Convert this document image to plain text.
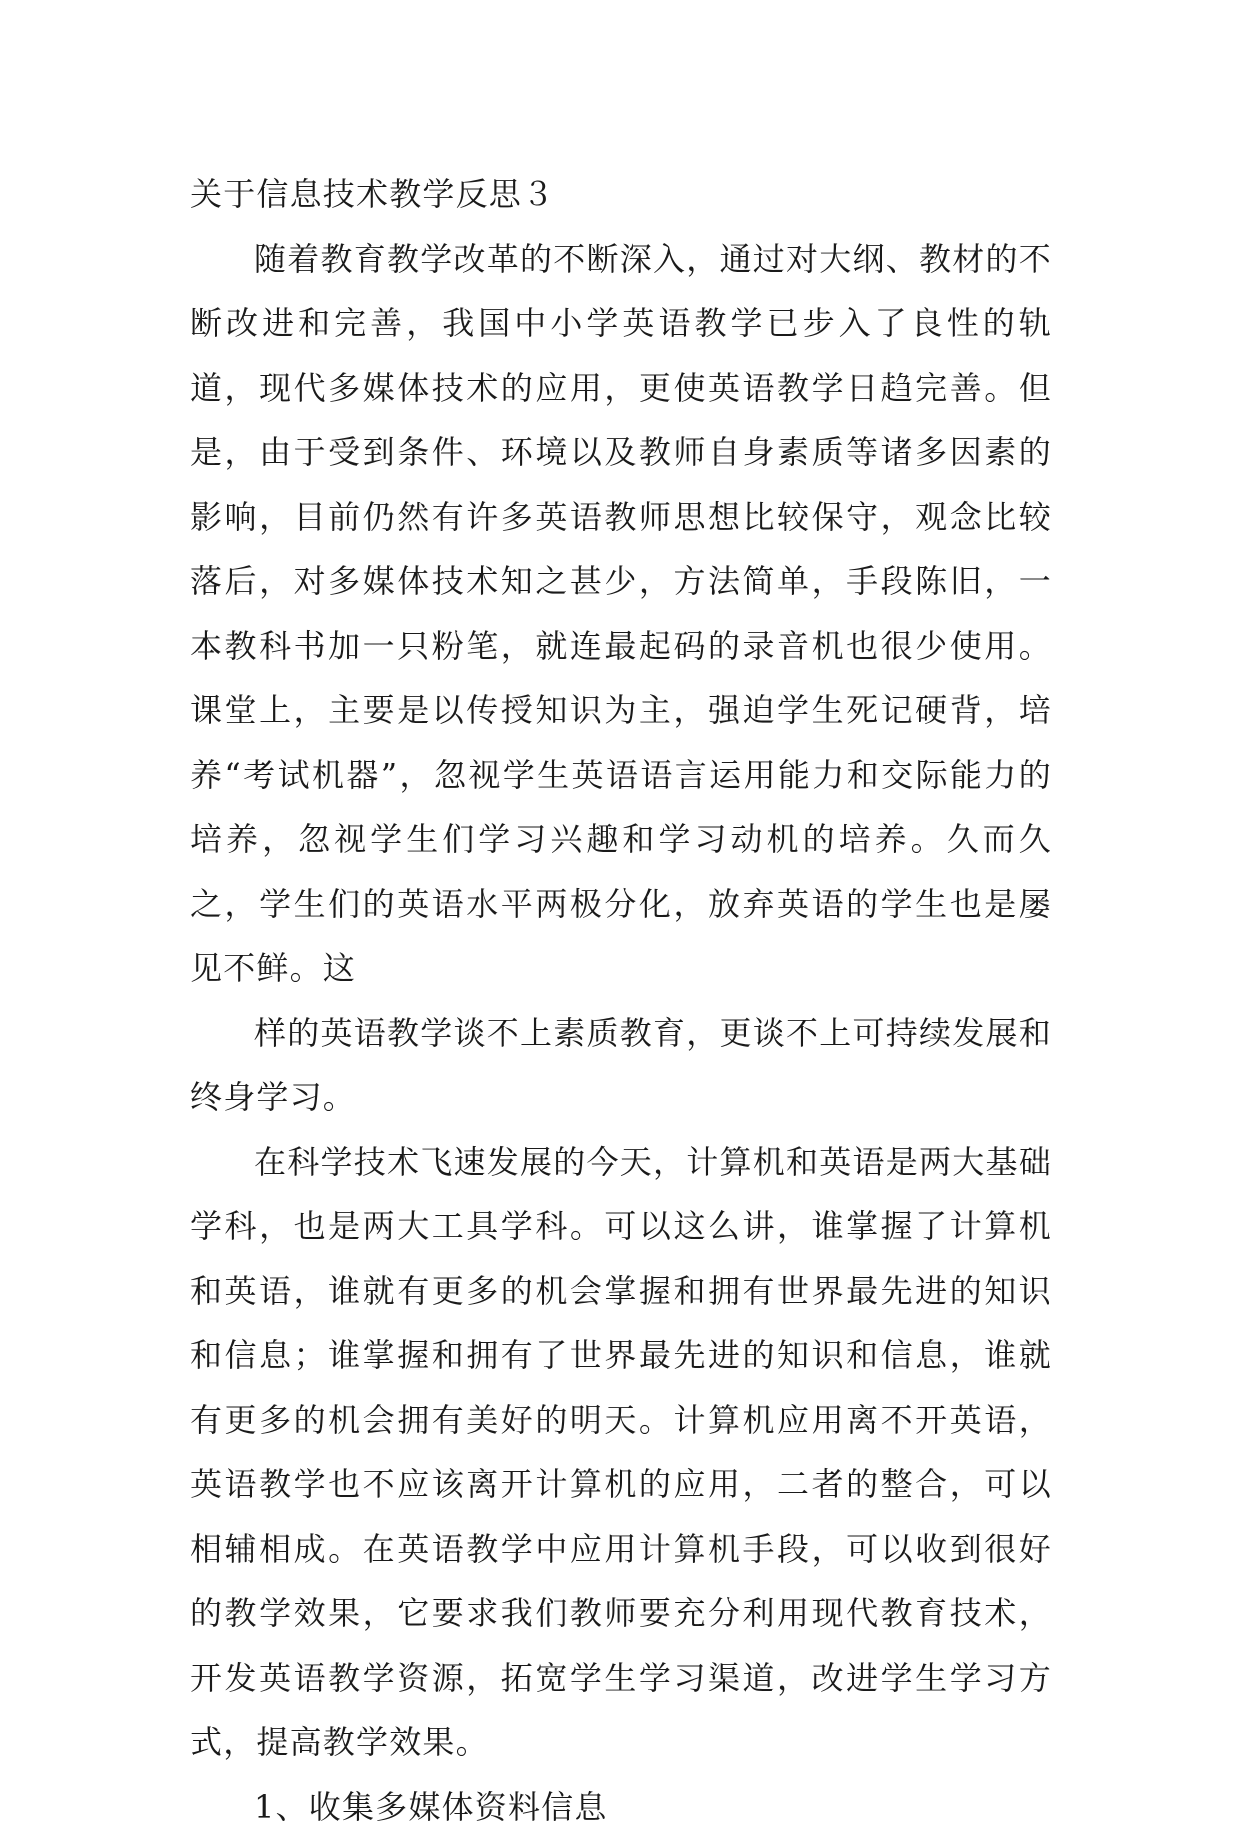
关于信息技术教学反思３

随着教育教学改革的不断深入，通过对大纲、教材的不断改进和完善，我国中小学英语教学已步入了良性的轨道，现代多媒体技术的应用，更使英语教学日趋完善。但是，由于受到条件、环境以及教师自身素质等诸多因素的影响，目前仍然有许多英语教师思想比较保守，观念比较落后，对多媒体技术知之甚少，方法简单，手段陈旧，一本教科书加一只粉笔，就连最起码的录音机也很少使用。课堂上，主要是以传授知识为主，强迫学生死记硬背，培养“考试机器”，忽视学生英语语言运用能力和交际能力的培养，忽视学生们学习兴趣和学习动机的培养。久而久之，学生们的英语水平两极分化，放弃英语的学生也是屡见不鲜。这

样的英语教学谈不上素质教育，更谈不上可持续发展和终身学习。

在科学技术飞速发展的今天，计算机和英语是两大基础学科，也是两大工具学科。可以这么讲，谁掌握了计算机和英语，谁就有更多的机会掌握和拥有世界最先进的知识和信息；谁掌握和拥有了世界最先进的知识和信息，谁就有更多的机会拥有美好的明天。计算机应用离不开英语，英语教学也不应该离开计算机的应用，二者的整合，可以相辅相成。在英语教学中应用计算机手段，可以收到很好的教学效果，它要求我们教师要充分利用现代教育技术，开发英语教学资源，拓宽学生学习渠道，改进学生学习方式，提高教学效果。

1、收集多媒体资料信息
